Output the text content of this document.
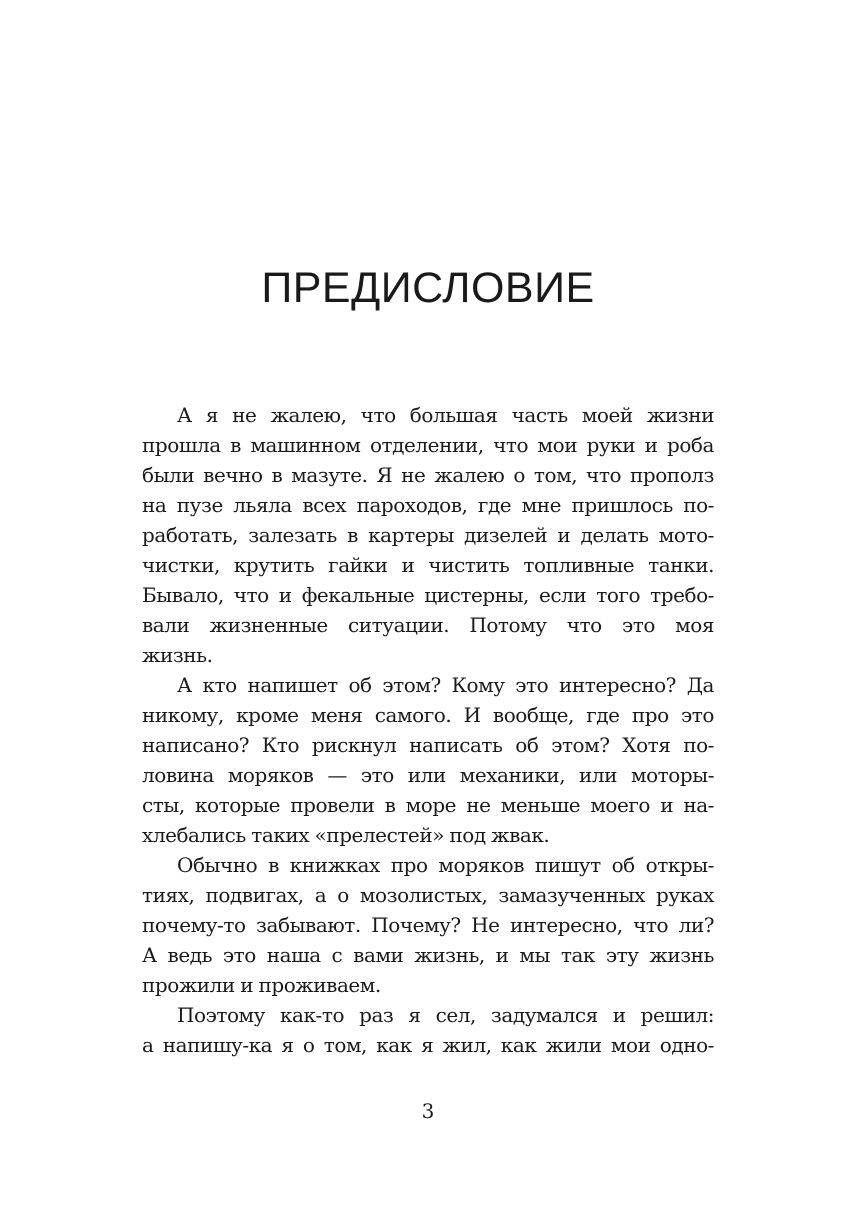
ПРЕДИСЛОВИЕ

А я не жалею, что большая часть моей жизни
прошла в машинном отделении, что мои руки и роба
были вечно в мазуте. Я не жалею о том, что прополз
на пузе льяла всех пароходов, где мне пришлось по-
работать, залезать в картеры дизелей и делать мото-
чистки, крутить гайки и чистить топливные танки.
Бывало, что и фекальные цистерны, если того требо-
вали жизненные ситуации. Потому что это моя
жизнь.

А кто напишет об этом? Кому это интересно? Да
никому, кроме меня самого. И вообще, где про это
написано? Кто рискнул написать об этом? Хотя по-
ловина моряков — это или механики, или моторы-
сты, которые провели в море не меньше моего и на-
хлебались таких «прелестей» под жвак.

Обычно в книжках про моряков пишут об откры-
тиях, подвигах, а о мозолистых, замазученных руках
почему-то забывают. Почему? Не интересно, что ли?
А ведь это наша с вами жизнь, и мы так эту жизнь
прожили и проживаем.

Поэтому как-то раз я сел, задумался и решил:
а напишу-ка я о том, как я жил, как жили мои одно-

3
